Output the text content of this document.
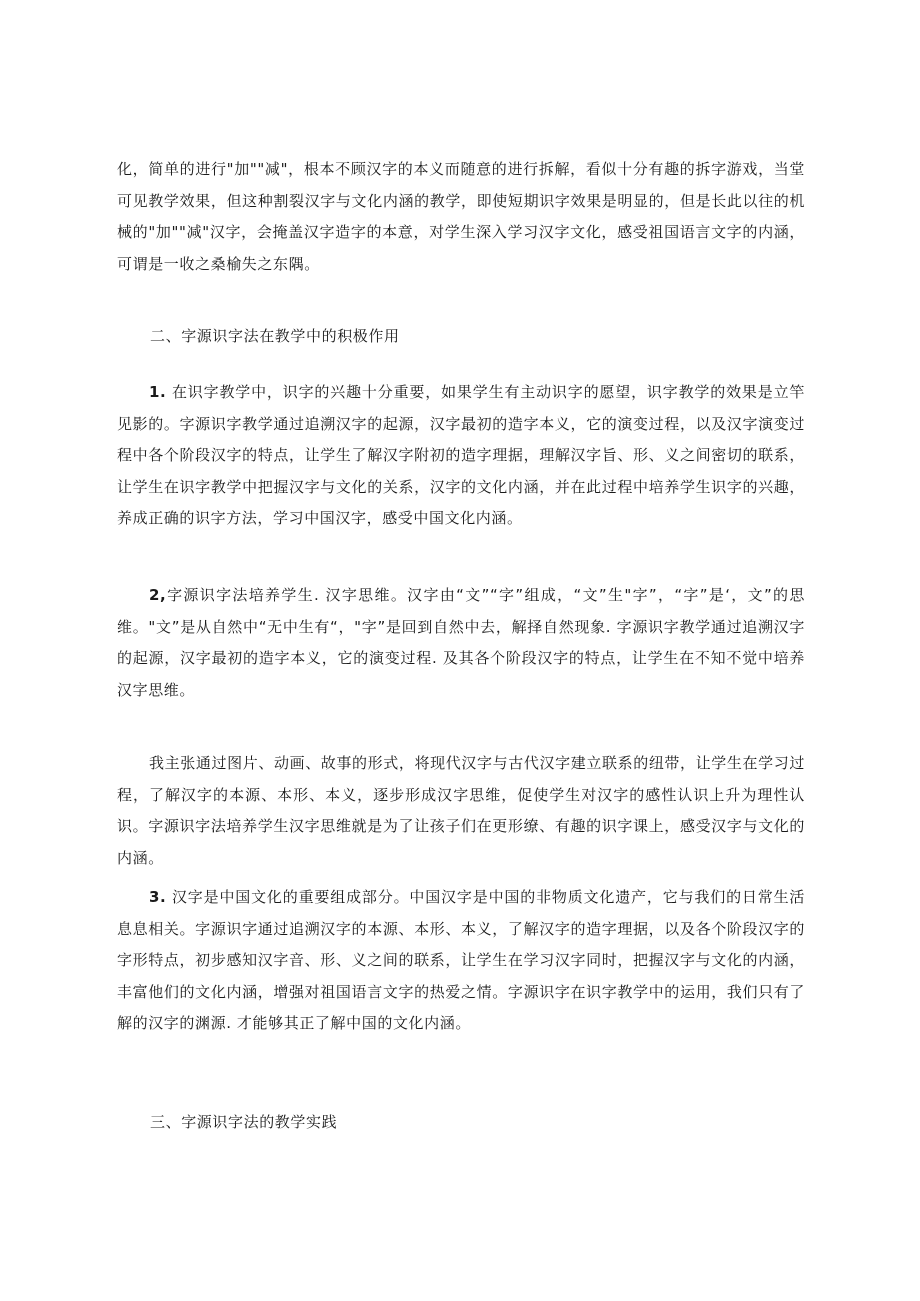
化，简单的进行"加""减"，根本不顾汉字的本义而随意的进行拆解，看似十分有趣的拆字游戏，当堂可见教学效果，但这种割裂汉字与文化内涵的教学，即使短期识字效果是明显的，但是长此以往的机械的"加""减"汉字，会掩盖汉字造字的本意，对学生深入学习汉字文化，感受祖国语言文字的内涵，可谓是一收之桑榆失之东隅。

二、字源识字法在教学中的积极作用

1. 在识字教学中，识字的兴趣十分重要，如果学生有主动识字的愿望，识字教学的效果是立竿见影的。字源识字教学通过追溯汉字的起源，汉字最初的造字本义，它的演变过程，以及汉字演变过程中各个阶段汉字的特点，让学生了解汉字附初的造字理据，理解汉字旨、形、义之间密切的联系，让学生在识字教学中把握汉字与文化的关系，汉字的文化内涵，并在此过程中培养学生识字的兴趣，养成正确的识字方法，学习中国汉字，感受中国文化内涵。

2,字源识字法培养学生. 汉字思维。汉字由“文”“字”组成，“文”生"字”，“字”是‘，文”的思维。"文”是从自然中“无中生有“，"字”是回到自然中去，解择自然现象. 字源识字教学通过追溯汉字的起源，汉字最初的造字本义，它的演变过程. 及其各个阶段汉字的特点，让学生在不知不觉中培养汉字思维。

我主张通过图片、动画、故事的形式，将现代汉字与古代汉字建立联系的纽带，让学生在学习过程，了解汉字的本源、本形、本义，逐步形成汉字思维，促使学生对汉字的感性认识上升为理性认识。字源识字法培养学生汉字思维就是为了让孩子们在更形缭、有趣的识字课上，感受汉字与文化的内涵。

3. 汉字是中国文化的重要组成部分。中国汉字是中国的非物质文化遗产，它与我们的日常生活息息相关。字源识字通过追溯汉字的本源、本形、本义，了解汉字的造字理据，以及各个阶段汉字的字形特点，初步感知汉字音、形、义之间的联系，让学生在学习汉字同时，把握汉字与文化的内涵，丰富他们的文化内涵，增强对祖国语言文字的热爱之情。字源识字在识字教学中的运用，我们只有了解的汉字的渊源. 才能够其正了解中国的文化内涵。

三、字源识字法的教学实践
